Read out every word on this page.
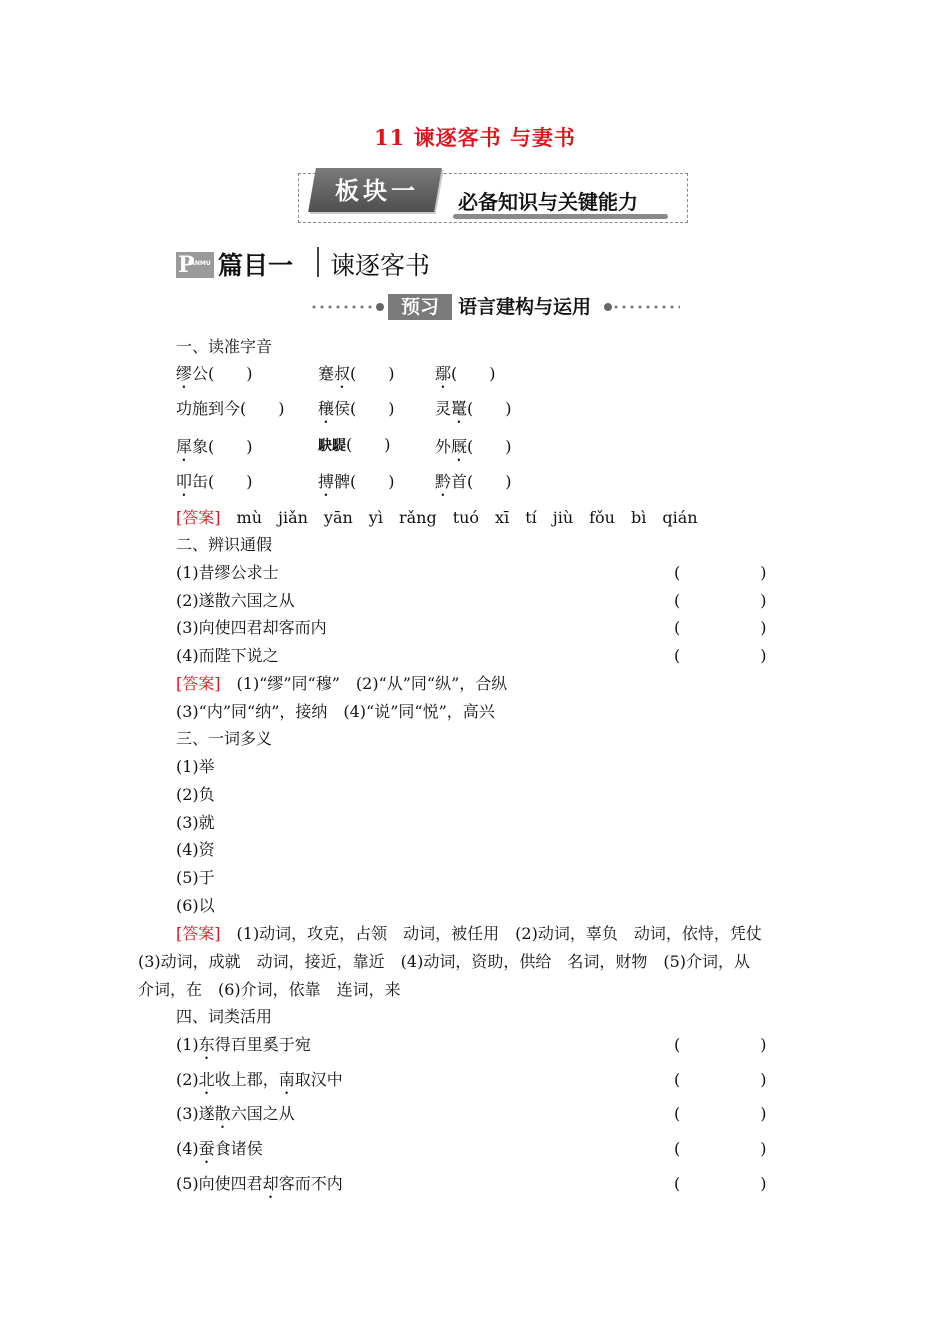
11 谏逐客书 与妻书
板块一	必备知识与关键能力
P
IANMU 篇目一 谏逐客书
预习	语言建构与运用
一、读准字音
缪公(　　)	蹇叔(　　)	鄢(　　)
功施到今(　　) 穰侯(　　)	灵鼍(　　)
犀象(　　)	駃騠(　　)	外厩(　　)
叩缶(　　)	搏髀(　　)	黔首(　　)
[答案]　 mù　jiǎn　yān　yì　rǎng　tuó　xī　tí　jiù　fǒu　bì　qián
二、辨识通假
(1)昔缪公求士	(　　　　　)
(2)遂散六国之从	(　　　　　)
(3)向使四君却客而内	(　　　　　)
(4)而陛下说之	(　　　　　)
[答案]　 (1)“缪”同“穆”　(2)“从”同“纵”，合纵
(3)“内”同“纳”，接纳　(4)“说”同“悦”，高兴
三、一词多义
(1)举
(2)负
(3)就
(4)资
(5)于
(6)以
[答案]　 (1)动词，攻克，占领　动词，被任用　(2)动词，辜负　动词，依恃，凭仗
(3)动词，成就　动词，接近，靠近　(4)动词，资助，供给　名词，财物　(5)介词，从
介词，在　(6)介词，依靠　连词，来
四、词类活用
(1)东得百里奚于宛	(　　　　　)
(2)北收上郡，南取汉中	(　　　　　)
(3)遂散六国之从	(　　　　　)
(4)蚕食诸侯	(　　　　　)
(5)向使四君却客而不内	(　　　　　)
